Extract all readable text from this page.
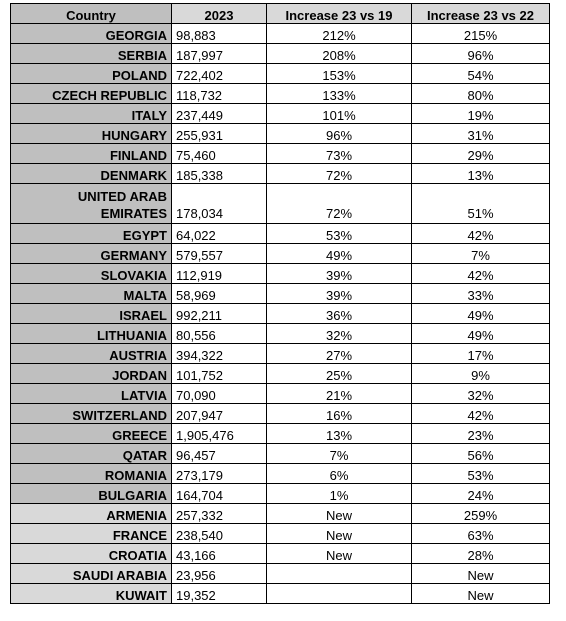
Country	2023	Increase 23 vs 19	Increase 23 vs 22
GEORGIA	98,883	212%	215%
SERBIA	187,997	208%	96%
POLAND	722,402	153%	54%
CZECH REPUBLIC	118,732	133%	80%
ITALY	237,449	101%	19%
HUNGARY	255,931	96%	31%
FINLAND	75,460	73%	29%
DENMARK	185,338	72%	13%
UNITED ARAB
EMIRATES	178,034	72%	51%
EGYPT	64,022	53%	42%
GERMANY	579,557	49%	7%
SLOVAKIA	112,919	39%	42%
MALTA	58,969	39%	33%
ISRAEL	992,211	36%	49%
LITHUANIA	80,556	32%	49%
AUSTRIA	394,322	27%	17%
JORDAN	101,752	25%	9%
LATVIA	70,090	21%	32%
SWITZERLAND	207,947	16%	42%
GREECE	1,905,476	13%	23%
QATAR	96,457	7%	56%
ROMANIA	273,179	6%	53%
BULGARIA	164,704	1%	24%
ARMENIA	257,332	New	259%
FRANCE	238,540	New	63%
CROATIA	43,166	New	28%
SAUDI ARABIA	23,956		New
KUWAIT	19,352		New
